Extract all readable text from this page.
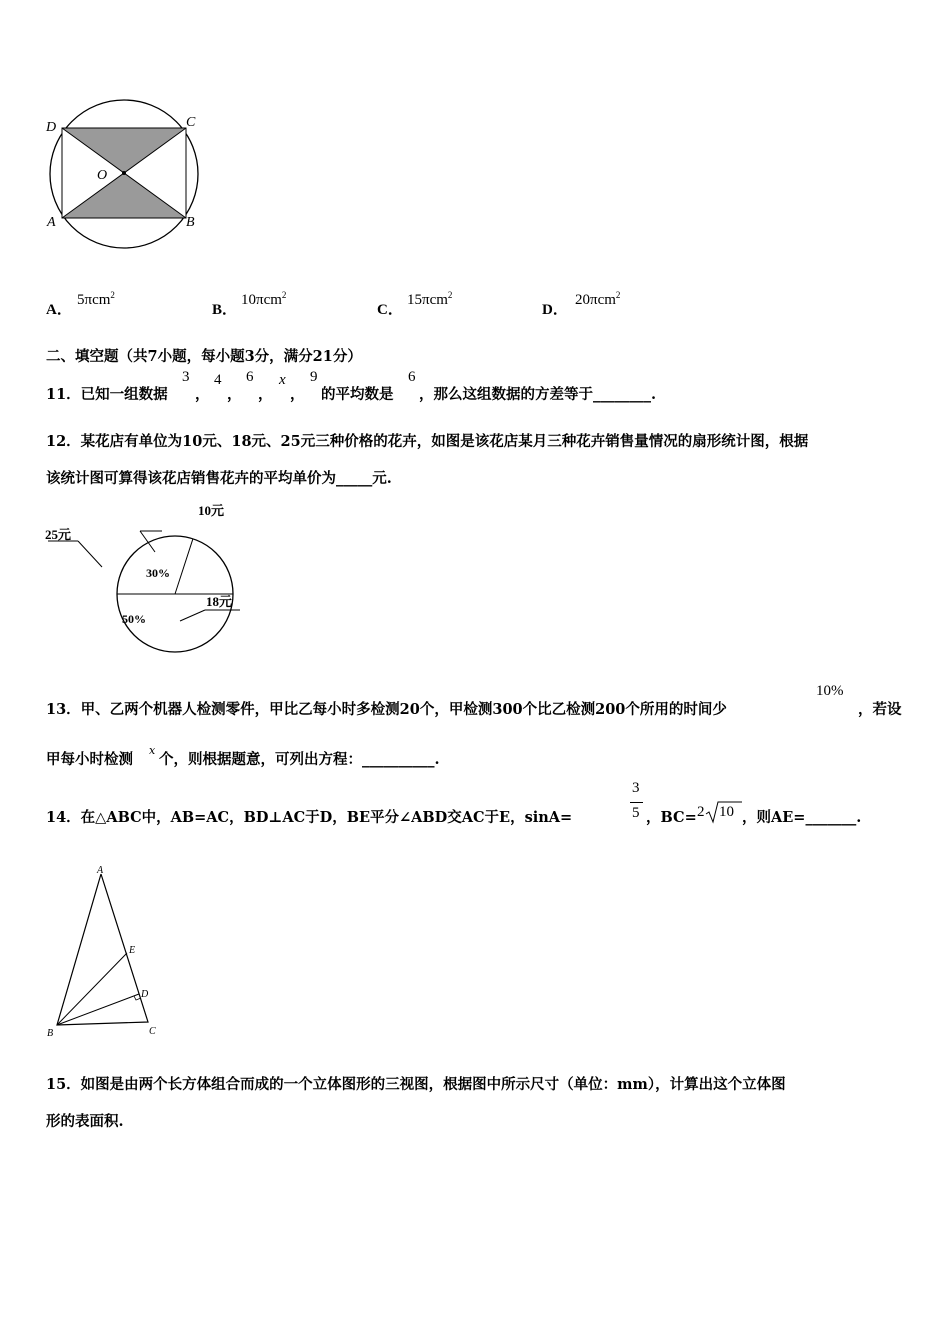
D	C
O
A	B
A．
5πcm$^2$
B．
10πcm$^2$
C．
15πcm$^2$
D．
20πcm$^2$
二、填空题（共7小题，每小题3分，满分21分）
11．已知一组数据
3
，
4
，
6
，
x
，
9
的平均数是
6
，那么这组数据的方差等于________.
12．某花店有单位为10元、18元、25元三种价格的花卉，如图是该花店某月三种花卉销售量情况的扇形统计图，根据
该统计图可算得该花店销售花卉的平均单价为_____元.
10元
25元
18元
30%
50%
13．甲、乙两个机器人检测零件，甲比乙每小时多检测20个，甲检测300个比乙检测200个所用的时间少
10%
，若设
甲每小时检测
x
个，则根据题意，可列出方程：__________.
14．在△ABC中，AB=AC，BD⊥AC于D，BE平分∠ABD交AC于E，sinA=
3
5 ，BC= 2 10 ，则AE=_______.
A
E
D
B	C
15．如图是由两个长方体组合而成的一个立体图形的三视图，根据图中所示尺寸（单位：mm），计算出这个立体图
形的表面积.
